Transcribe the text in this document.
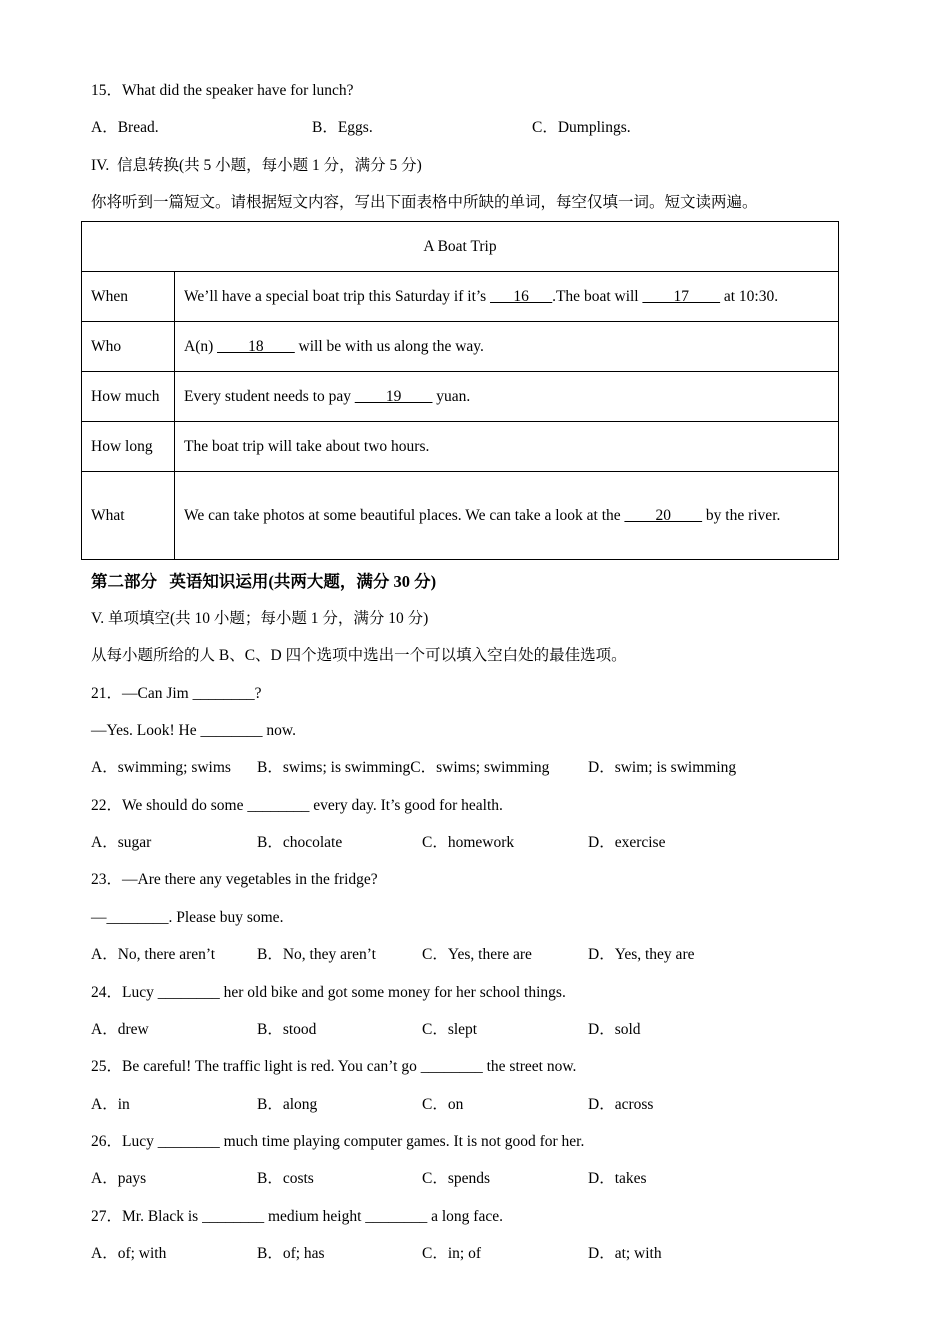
15．What did the speaker have for lunch?
A．Bread.	B．Eggs.	C．Dumplings.
IV.  信息转换(共 5 小题，每小题 1 分，满分 5 分)
你将听到一篇短文。请根据短文内容，写出下面表格中所缺的单词，每空仅填一词。短文读两遍。
A Boat Trip	
When	We’ll have a special boat trip this Saturday if it’s ___16___.The boat will ____17____ at 10:30.
Who	A(n) ____18____ will be with us along the way.
How much	Every student needs to pay ____19____ yuan.
How long	The boat trip will take about two hours.
What	We can take photos at some beautiful places. We can take a look at the ____20____ by the river.
第二部分   英语知识运用(共两大题，满分 30 分)
V. 单项填空(共 10 小题；每小题 1 分，满分 10 分)
从每小题所给的人 B、C、D 四个选项中选出一个可以填入空白处的最佳选项。
21．—Can Jim ________?
—Yes. Look! He ________ now.
A．swimming; swims B．swims; is swimmingC．swims; swimming D．swim; is swimming
22．We should do some ________ every day. It’s good for health.
A．sugar	B．chocolate	C．homework	D．exercise
23．—Are there any vegetables in the fridge?
—________. Please buy some.
A．No, there aren’t	B．No, they aren’t	C．Yes, there are	D．Yes, they are
24．Lucy ________ her old bike and got some money for her school things.
A．drew	B．stood	C．slept	D．sold
25．Be careful! The traffic light is red. You can’t go ________ the street now.
A．in	B．along	C．on	D．across
26．Lucy ________ much time playing computer games. It is not good for her.
A．pays	B．costs	C．spends	D．takes
27．Mr. Black is ________ medium height ________ a long face.
A．of; with	B．of; has	C．in; of	D．at; with
